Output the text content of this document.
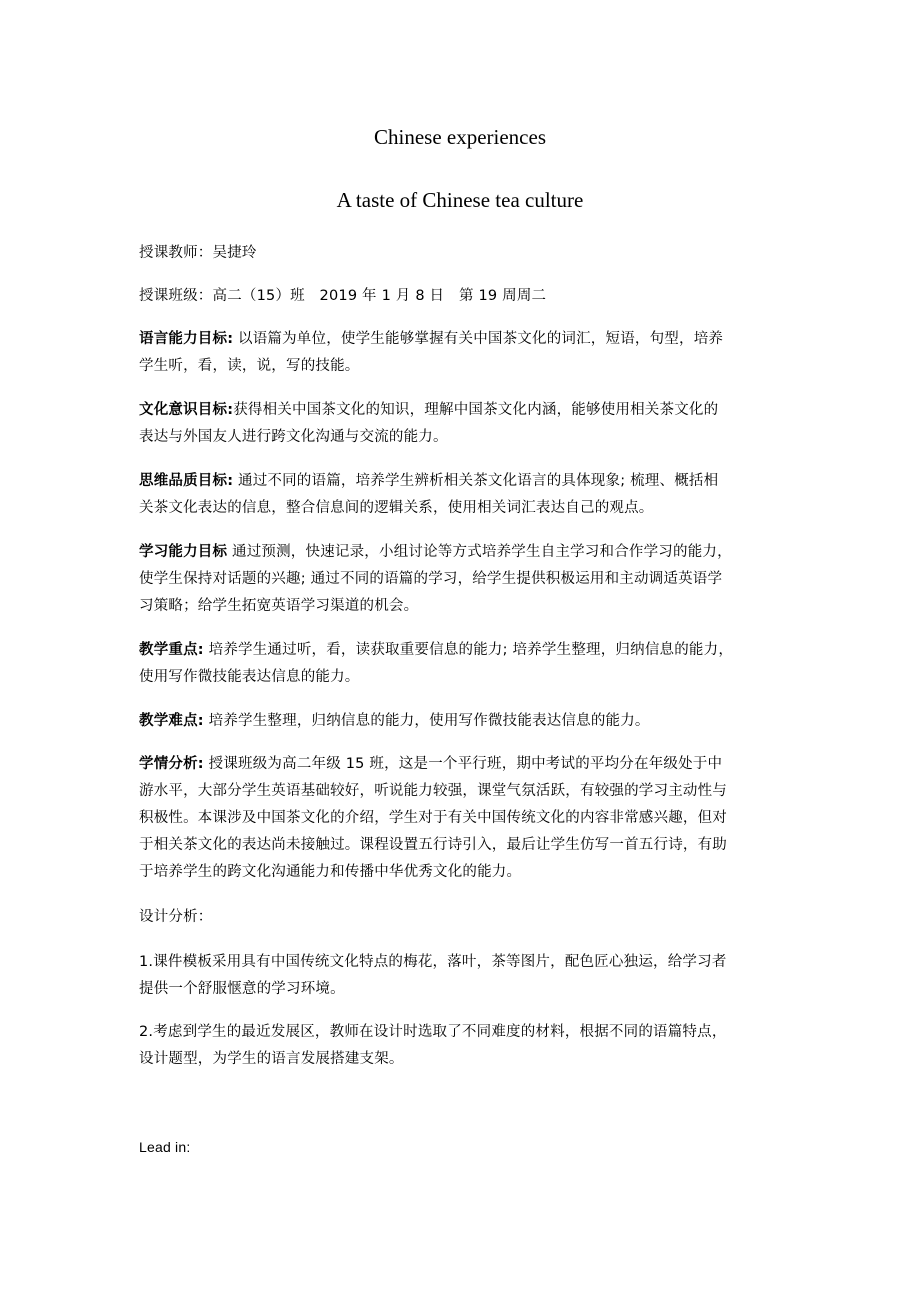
Chinese experiences
A taste of Chinese tea culture

授课教师：吴捷玲

授课班级：高二（15）班　2019 年 1 月 8 日　第 19 周周二

语言能力目标: 以语篇为单位，使学生能够掌握有关中国茶文化的词汇，短语，句型，培养

学生听，看，读，说，写的技能。

文化意识目标:获得相关中国茶文化的知识，理解中国茶文化内涵，能够使用相关茶文化的

表达与外国友人进行跨文化沟通与交流的能力。

思维品质目标: 通过不同的语篇，培养学生辨析相关茶文化语言的具体现象; 梳理、概括相

关茶文化表达的信息，整合信息间的逻辑关系，使用相关词汇表达自己的观点。

学习能力目标 通过预测，快速记录，小组讨论等方式培养学生自主学习和合作学习的能力，

使学生保持对话题的兴趣; 通过不同的语篇的学习，给学生提供积极运用和主动调适英语学

习策略；给学生拓宽英语学习渠道的机会。

教学重点: 培养学生通过听，看，读获取重要信息的能力; 培养学生整理，归纳信息的能力，

使用写作微技能表达信息的能力。

教学难点: 培养学生整理，归纳信息的能力，使用写作微技能表达信息的能力。

学情分析: 授课班级为高二年级 15 班，这是一个平行班，期中考试的平均分在年级处于中

游水平，大部分学生英语基础较好，听说能力较强，课堂气氛活跃，有较强的学习主动性与

积极性。本课涉及中国茶文化的介绍，学生对于有关中国传统文化的内容非常感兴趣，但对

于相关茶文化的表达尚未接触过。课程设置五行诗引入，最后让学生仿写一首五行诗，有助

于培养学生的跨文化沟通能力和传播中华优秀文化的能力。

设计分析：

1.课件模板采用具有中国传统文化特点的梅花，落叶，茶等图片，配色匠心独运，给学习者

提供一个舒服惬意的学习环境。

2.考虑到学生的最近发展区，教师在设计时选取了不同难度的材料，根据不同的语篇特点，

设计题型，为学生的语言发展搭建支架。

Lead in:
